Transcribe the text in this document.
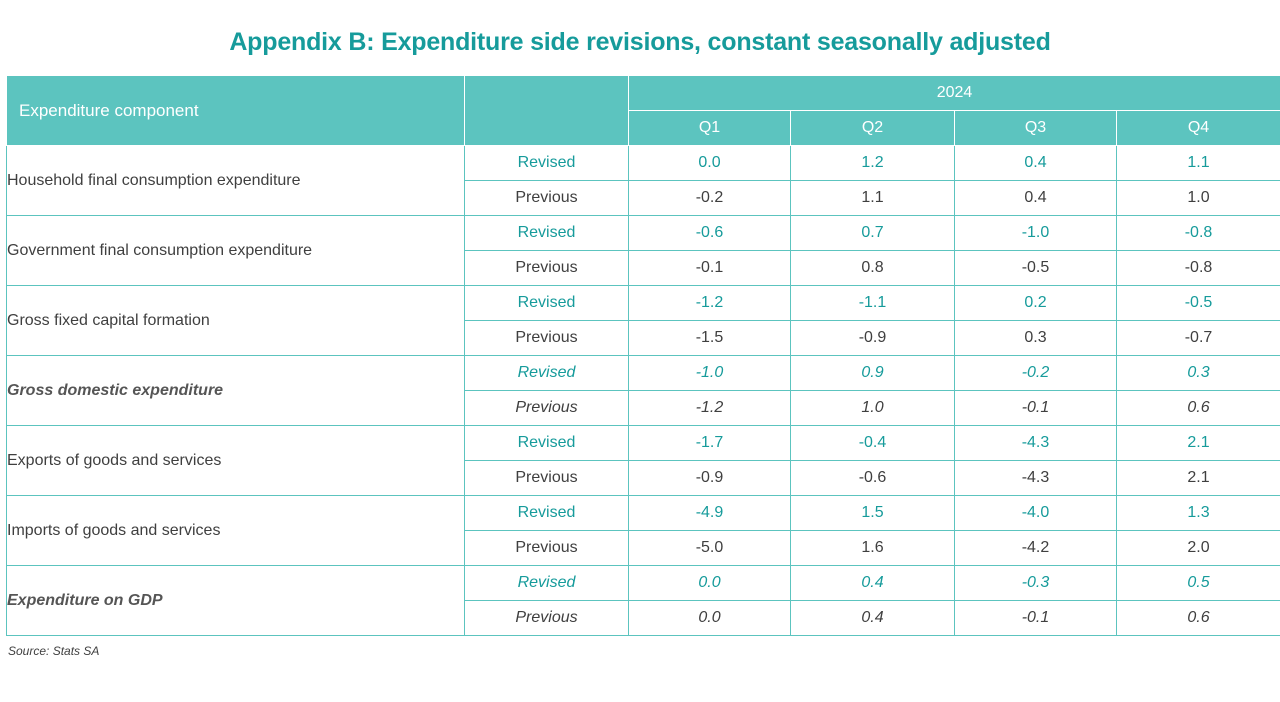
Appendix B: Expenditure side revisions, constant seasonally adjusted
Expenditure component		2024			
		Q1	Q2	Q3	Q4
Household final consumption expenditure	Revised	0.0	1.2	0.4	1.1
	Previous	-0.2	1.1	0.4	1.0
Government final consumption expenditure	Revised	-0.6	0.7	-1.0	-0.8
	Previous	-0.1	0.8	-0.5	-0.8
Gross fixed capital formation	Revised	-1.2	-1.1	0.2	-0.5
	Previous	-1.5	-0.9	0.3	-0.7
Gross domestic expenditure	Revised	-1.0	0.9	-0.2	0.3
	Previous	-1.2	1.0	-0.1	0.6
Exports of goods and services	Revised	-1.7	-0.4	-4.3	2.1
	Previous	-0.9	-0.6	-4.3	2.1
Imports of goods and services	Revised	-4.9	1.5	-4.0	1.3
	Previous	-5.0	1.6	-4.2	2.0
Expenditure on GDP	Revised	0.0	0.4	-0.3	0.5
	Previous	0.0	0.4	-0.1	0.6
Source: Stats SA
